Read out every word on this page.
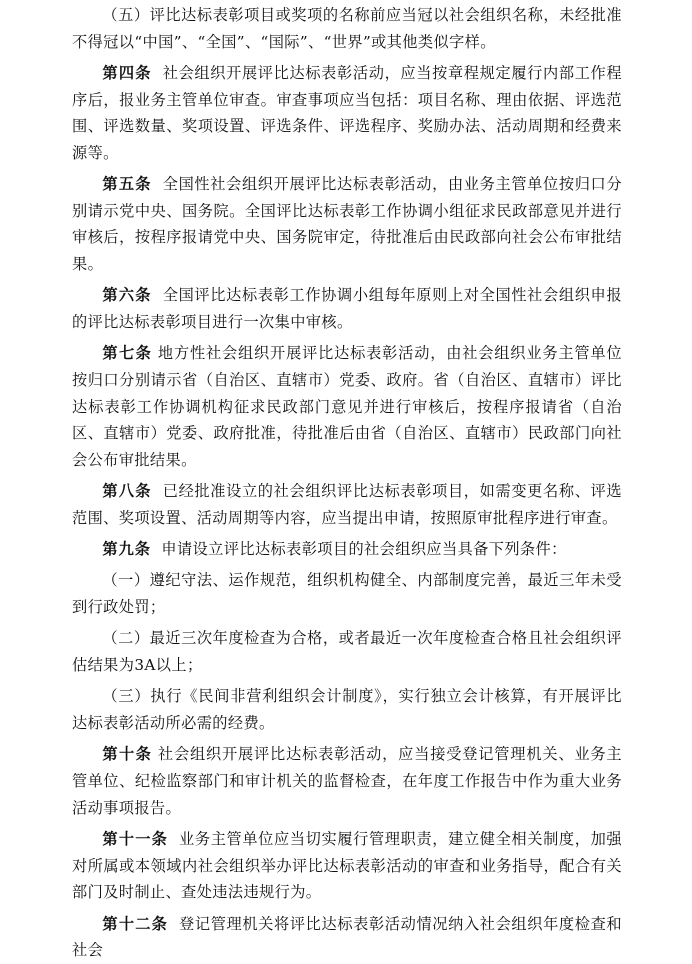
（五）评比达标表彰项目或奖项的名称前应当冠以社会组织名称，未经批准不得冠以“中国”、“全国”、“国际”、“世界”或其他类似字样。

第四条 社会组织开展评比达标表彰活动，应当按章程规定履行内部工作程序后，报业务主管单位审查。审查事项应当包括：项目名称、理由依据、评选范围、评选数量、奖项设置、评选条件、评选程序、奖励办法、活动周期和经费来源等。

第五条 全国性社会组织开展评比达标表彰活动，由业务主管单位按归口分别请示党中央、国务院。全国评比达标表彰工作协调小组征求民政部意见并进行审核后，按程序报请党中央、国务院审定，待批准后由民政部向社会公布审批结果。

第六条 全国评比达标表彰工作协调小组每年原则上对全国性社会组织申报的评比达标表彰项目进行一次集中审核。

第七条 地方性社会组织开展评比达标表彰活动，由社会组织业务主管单位按归口分别请示省（自治区、直辖市）党委、政府。省（自治区、直辖市）评比达标表彰工作协调机构征求民政部门意见并进行审核后，按程序报请省（自治区、直辖市）党委、政府批准，待批准后由省（自治区、直辖市）民政部门向社会公布审批结果。

第八条 已经批准设立的社会组织评比达标表彰项目，如需变更名称、评选范围、奖项设置、活动周期等内容，应当提出申请，按照原审批程序进行审查。

第九条 申请设立评比达标表彰项目的社会组织应当具备下列条件：

（一）遵纪守法、运作规范，组织机构健全、内部制度完善，最近三年未受到行政处罚；

（二）最近三次年度检查为合格，或者最近一次年度检查合格且社会组织评估结果为3A以上；

（三）执行《民间非营利组织会计制度》，实行独立会计核算，有开展评比达标表彰活动所必需的经费。

第十条 社会组织开展评比达标表彰活动，应当接受登记管理机关、业务主管单位、纪检监察部门和审计机关的监督检查，在年度工作报告中作为重大业务活动事项报告。

第十一条 业务主管单位应当切实履行管理职责，建立健全相关制度，加强对所属或本领域内社会组织举办评比达标表彰活动的审查和业务指导，配合有关部门及时制止、查处违法违规行为。

第十二条 登记管理机关将评比达标表彰活动情况纳入社会组织年度检查和社会
